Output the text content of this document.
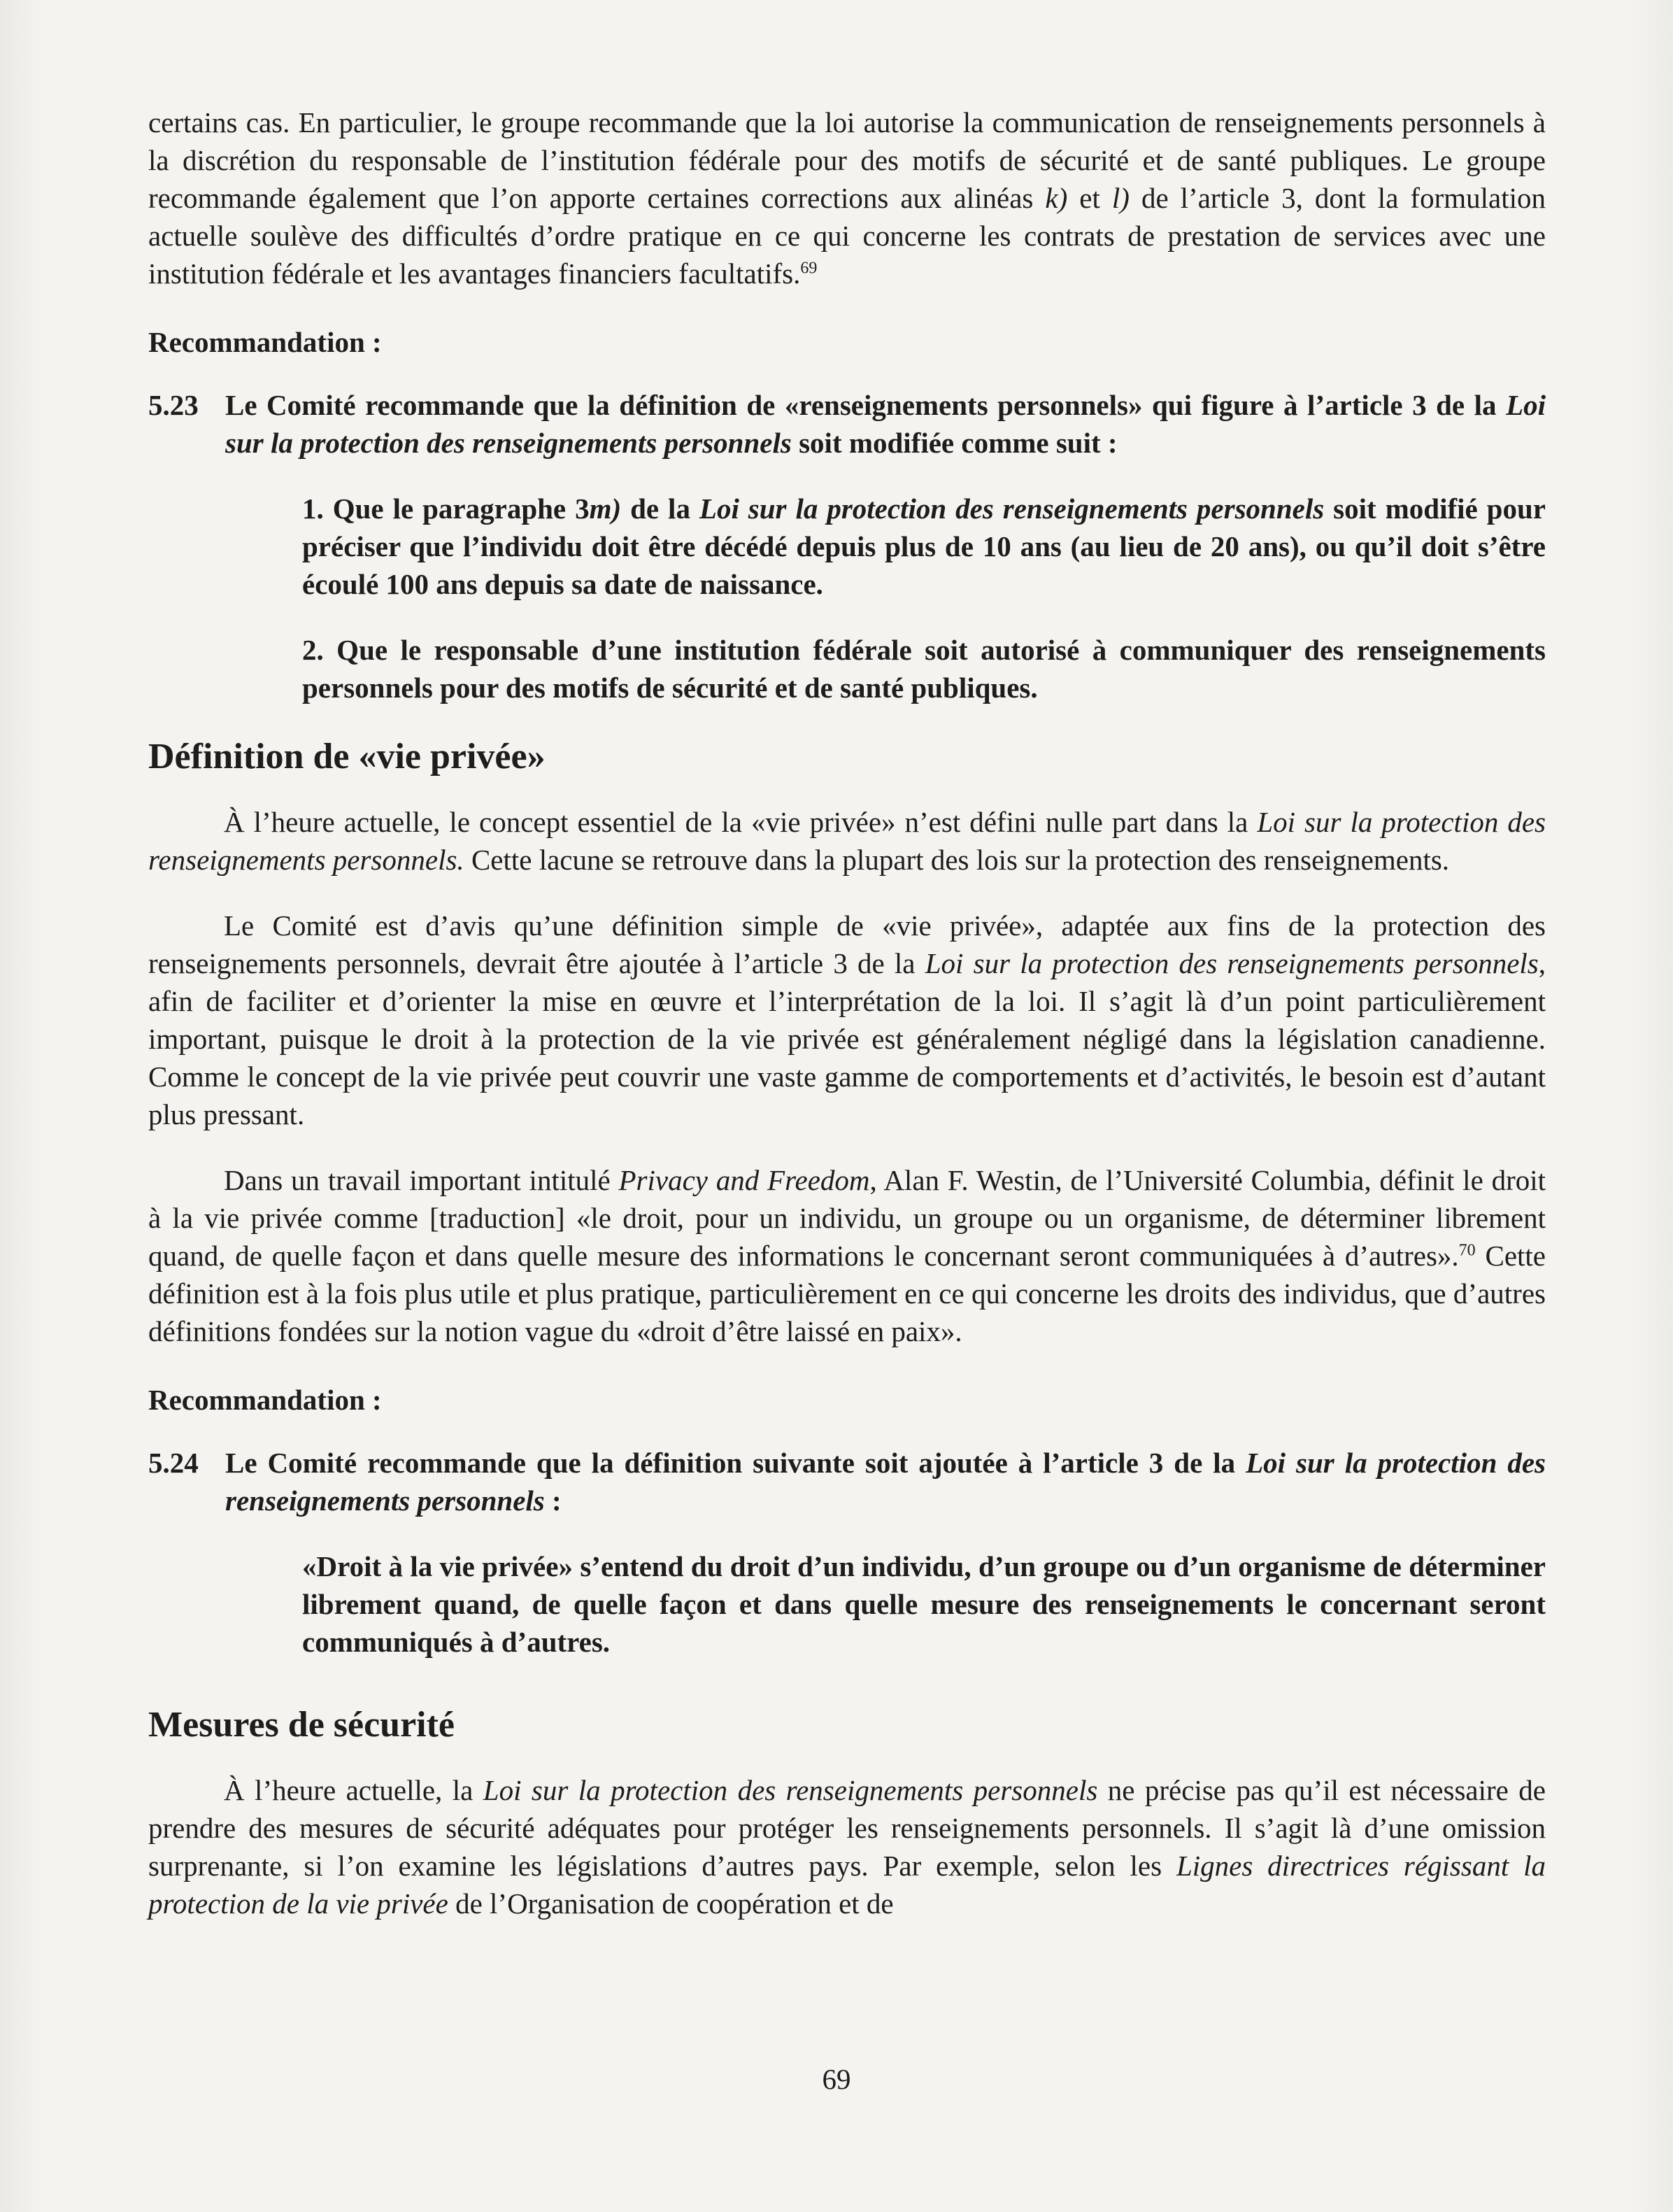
certains cas. En particulier, le groupe recommande que la loi autorise la communication de renseignements personnels à la discrétion du responsable de l’institution fédérale pour des motifs de sécurité et de santé publiques. Le groupe recommande également que l’on apporte certaines corrections aux alinéas k) et l) de l’article 3, dont la formulation actuelle soulève des difficultés d’ordre pratique en ce qui concerne les contrats de prestation de services avec une institution fédérale et les avantages financiers facultatifs.$^{69}$

Recommandation :
5.23 Le Comité recommande que la définition de «renseignements personnels» qui figure à l’article 3 de la Loi sur la protection des renseignements personnels soit modifiée comme suit :

1. Que le paragraphe 3m) de la Loi sur la protection des renseignements personnels soit modifié pour préciser que l’individu doit être décédé depuis plus de 10 ans (au lieu de 20 ans), ou qu’il doit s’être écoulé 100 ans depuis sa date de naissance.

2. Que le responsable d’une institution fédérale soit autorisé à communiquer des renseignements personnels pour des motifs de sécurité et de santé publiques.

Définition de «vie privée»

À l’heure actuelle, le concept essentiel de la «vie privée» n’est défini nulle part dans la Loi sur la protection des renseignements personnels. Cette lacune se retrouve dans la plupart des lois sur la protection des renseignements.

Le Comité est d’avis qu’une définition simple de «vie privée», adaptée aux fins de la protection des renseignements personnels, devrait être ajoutée à l’article 3 de la Loi sur la protection des renseignements personnels, afin de faciliter et d’orienter la mise en œuvre et l’interprétation de la loi. Il s’agit là d’un point particulièrement important, puisque le droit à la protection de la vie privée est généralement négligé dans la législation canadienne. Comme le concept de la vie privée peut couvrir une vaste gamme de comportements et d’activités, le besoin est d’autant plus pressant.

Dans un travail important intitulé Privacy and Freedom, Alan F. Westin, de l’Université Columbia, définit le droit à la vie privée comme [traduction] «le droit, pour un individu, un groupe ou un organisme, de déterminer librement quand, de quelle façon et dans quelle mesure des informations le concernant seront communiquées à d’autres».$^{70}$ Cette définition est à la fois plus utile et plus pratique, particulièrement en ce qui concerne les droits des individus, que d’autres définitions fondées sur la notion vague du «droit d’être laissé en paix».

Recommandation :
5.24 Le Comité recommande que la définition suivante soit ajoutée à l’article 3 de la Loi sur la protection des renseignements personnels :

«Droit à la vie privée» s’entend du droit d’un individu, d’un groupe ou d’un organisme de déterminer librement quand, de quelle façon et dans quelle mesure des renseignements le concernant seront communiqués à d’autres.

Mesures de sécurité

À l’heure actuelle, la Loi sur la protection des renseignements personnels ne précise pas qu’il est nécessaire de prendre des mesures de sécurité adéquates pour protéger les renseignements personnels. Il s’agit là d’une omission surprenante, si l’on examine les législations d’autres pays. Par exemple, selon les Lignes directrices régissant la protection de la vie privée de l’Organisation de coopération et de

69
